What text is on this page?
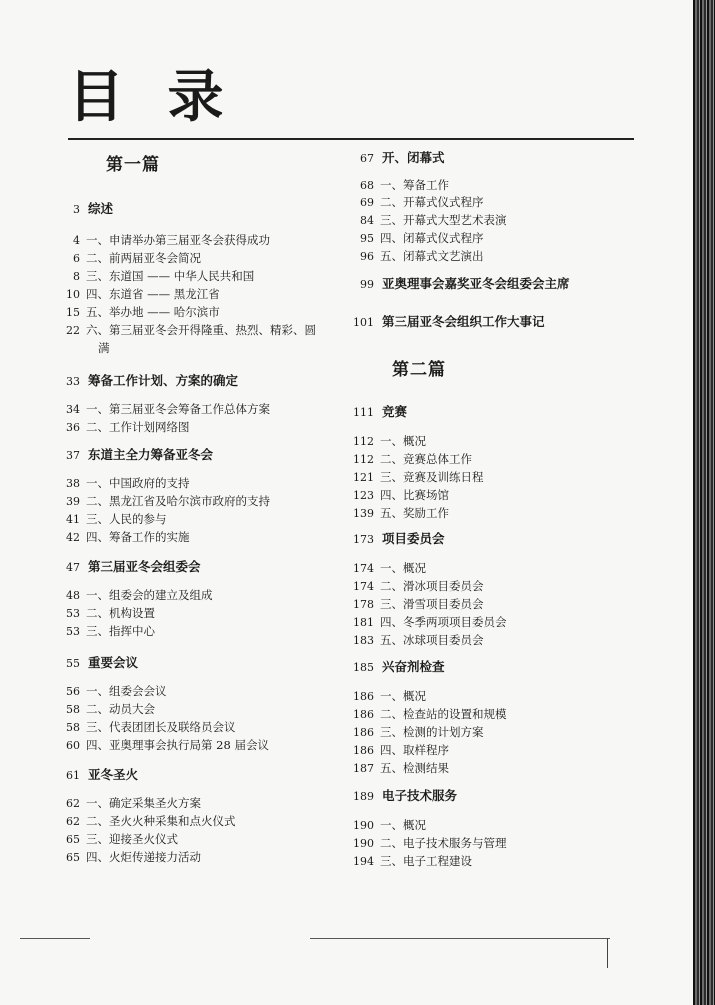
目 录
第一篇
3 综述
4 一、申请举办第三届亚冬会获得成功
6 二、前两届亚冬会简况
8 三、东道国 —— 中华人民共和国
10 四、东道省 —— 黑龙江省
15 五、举办地 —— 哈尔滨市
22 六、第三届亚冬会开得隆重、热烈、精彩、圆
满
33 筹备工作计划、方案的确定
34 一、第三届亚冬会筹备工作总体方案
36 二、工作计划网络图
37 东道主全力筹备亚冬会
38 一、中国政府的支持
39 二、黑龙江省及哈尔滨市政府的支持
41 三、人民的参与
42 四、筹备工作的实施
47 第三届亚冬会组委会
48 一、组委会的建立及组成
53 二、机构设置
53 三、指挥中心
55 重要会议
56 一、组委会会议
58 二、动员大会
58 三、代表团团长及联络员会议
60 四、亚奥理事会执行局第 28 届会议
61 亚冬圣火
62 一、确定采集圣火方案
62 二、圣火火种采集和点火仪式
65 三、迎接圣火仪式
65 四、火炬传递接力活动
67 开、闭幕式
68 一、筹备工作
69 二、开幕式仪式程序
84 三、开幕式大型艺术表演
95 四、闭幕式仪式程序
96 五、闭幕式文艺演出
99 亚奥理事会嘉奖亚冬会组委会主席
101 第三届亚冬会组织工作大事记
第二篇
111 竞赛
112 一、概况
112 二、竞赛总体工作
121 三、竞赛及训练日程
123 四、比赛场馆
139 五、奖励工作
173 项目委员会
174 一、概况
174 二、滑冰项目委员会
178 三、滑雪项目委员会
181 四、冬季两项项目委员会
183 五、冰球项目委员会
185 兴奋剂检查
186 一、概况
186 二、检查站的设置和规模
186 三、检测的计划方案
186 四、取样程序
187 五、检测结果
189 电子技术服务
190 一、概况
190 二、电子技术服务与管理
194 三、电子工程建设
